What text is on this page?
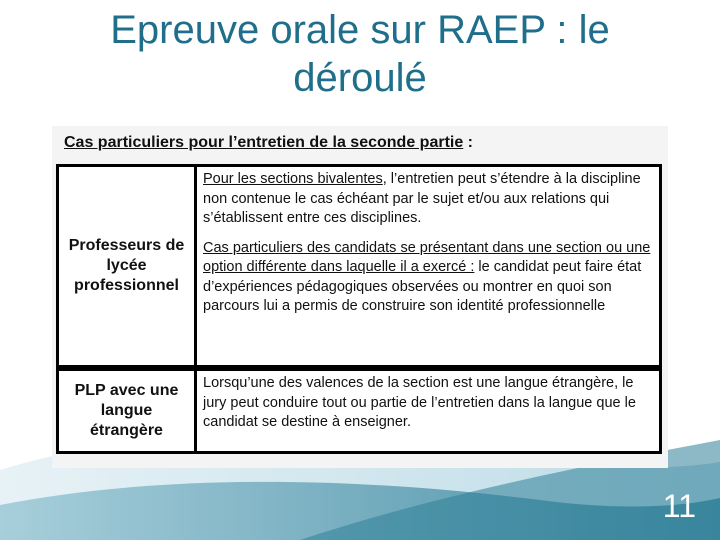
Epreuve orale sur RAEP : le
déroulé
Cas particuliers pour l’entretien de la seconde partie :
Professeurs de lycée professionnel

Pour les sections bivalentes, l’entretien peut s’étendre à la discipline non contenue le cas échéant par le sujet et/ou aux relations qui s’établissent entre ces disciplines.

Cas particuliers des candidats se présentant dans une section ou une option différente dans laquelle il a exercé : le candidat peut faire état d’expériences pédagogiques observées ou montrer en quoi son parcours lui a permis de construire son identité professionnelle

PLP avec une langue étrangère

Lorsqu’une des valences de la section est une langue étrangère, le jury peut conduire tout ou partie de l’entretien dans la langue que le candidat se destine à enseigner.

11
